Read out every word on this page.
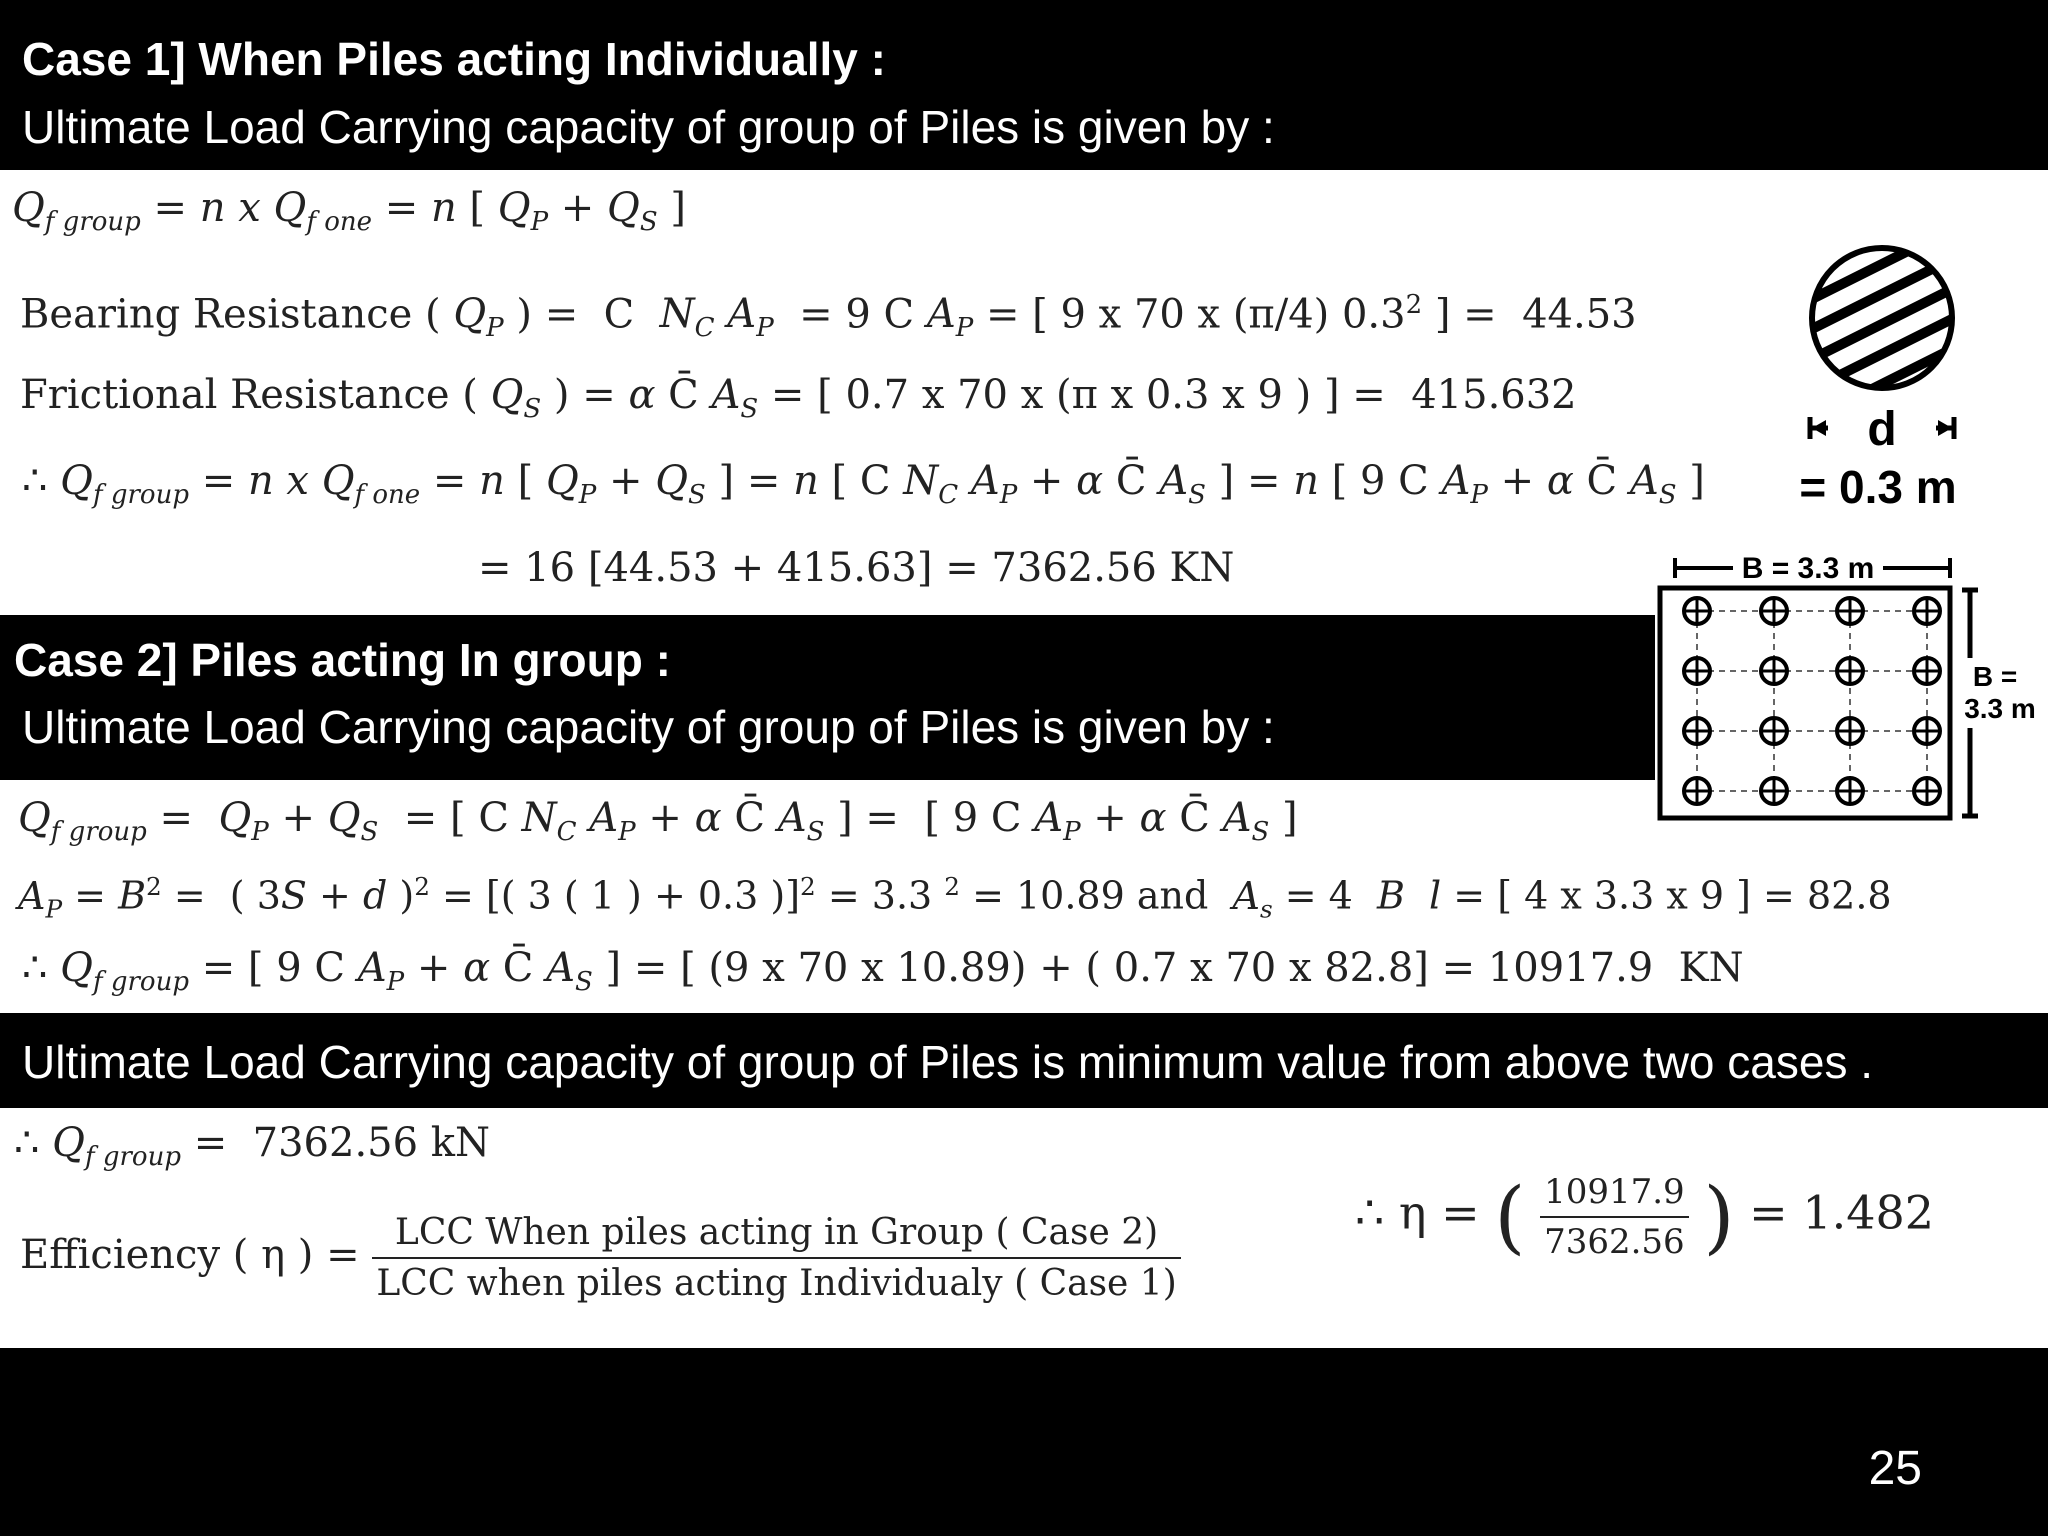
Case 1] When Piles acting Individually :
Ultimate Load Carrying capacity of group of Piles is given by :
$Q_{f group} = n$ x $Q_{f one} = n$ [ $Q_P + Q_S$ ]
Bearing Resistance ( $Q_P$ ) =  C  $N_C$ $A_P = 9$ C $A_P$ = [ 9 x 70 x (π/4) $0.3^2$ ] =  44.53
Frictional Resistance ( $Q_S$ ) = α C̄ $A_S$ = [ 0.7 x 70 x (π x 0.3 x 9 ) ] =  415.632
∴ $Q_{f group} = n$ x $Q_{f one} = n$ [ $Q_P + Q_S$ ] = n [ C $N_C$ $A_P + \alpha$ C̄ $A_S$ ] = n [ 9 C $A_P + \alpha$ C̄ $A_S$ ]
= 16 [44.53 + 415.63] = 7362.56 KN
Case 2] Piles acting In group :
Ultimate Load Carrying capacity of group of Piles is given by :
$Q_{f group} = Q_P + Q_S$  = [ C $N_C$ $A_P + \alpha$ C̄ $A_S$ ] =  [ 9 C $A_P + \alpha$ C̄ $A_S$ ]
$A_P = B^2$ =  ( 3S + d )$^2$ = [( 3 ( 1 ) + 0.3 )]$^2$ = 3.3 $^2$ = 10.89 and  $A_s = 4$  B  l = [ 4 x 3.3 x 9 ] = 82.8
∴ $Q_{f group}$ = [ 9 C $A_P + \alpha$ C̄ $A_S$ ] = [ (9 x 70 x 10.89) + ( 0.7 x 70 x 82.8] = 10917.9  KN
Ultimate Load Carrying capacity of group of Piles is minimum value from above two cases .
∴ $Q_{f group} = 7362.56$ kN
Efficiency ( η ) = $\frac{\text{LCC When piles acting in Group ( Case 2)}}{\text{LCC when piles acting Individualy ( Case 1)}}$	∴ η = ( $\frac{10917.9}{7362.56}$ ) = 1.482
d
= 0.3 m
B = 3.3 m
B =
3.3 m
25
